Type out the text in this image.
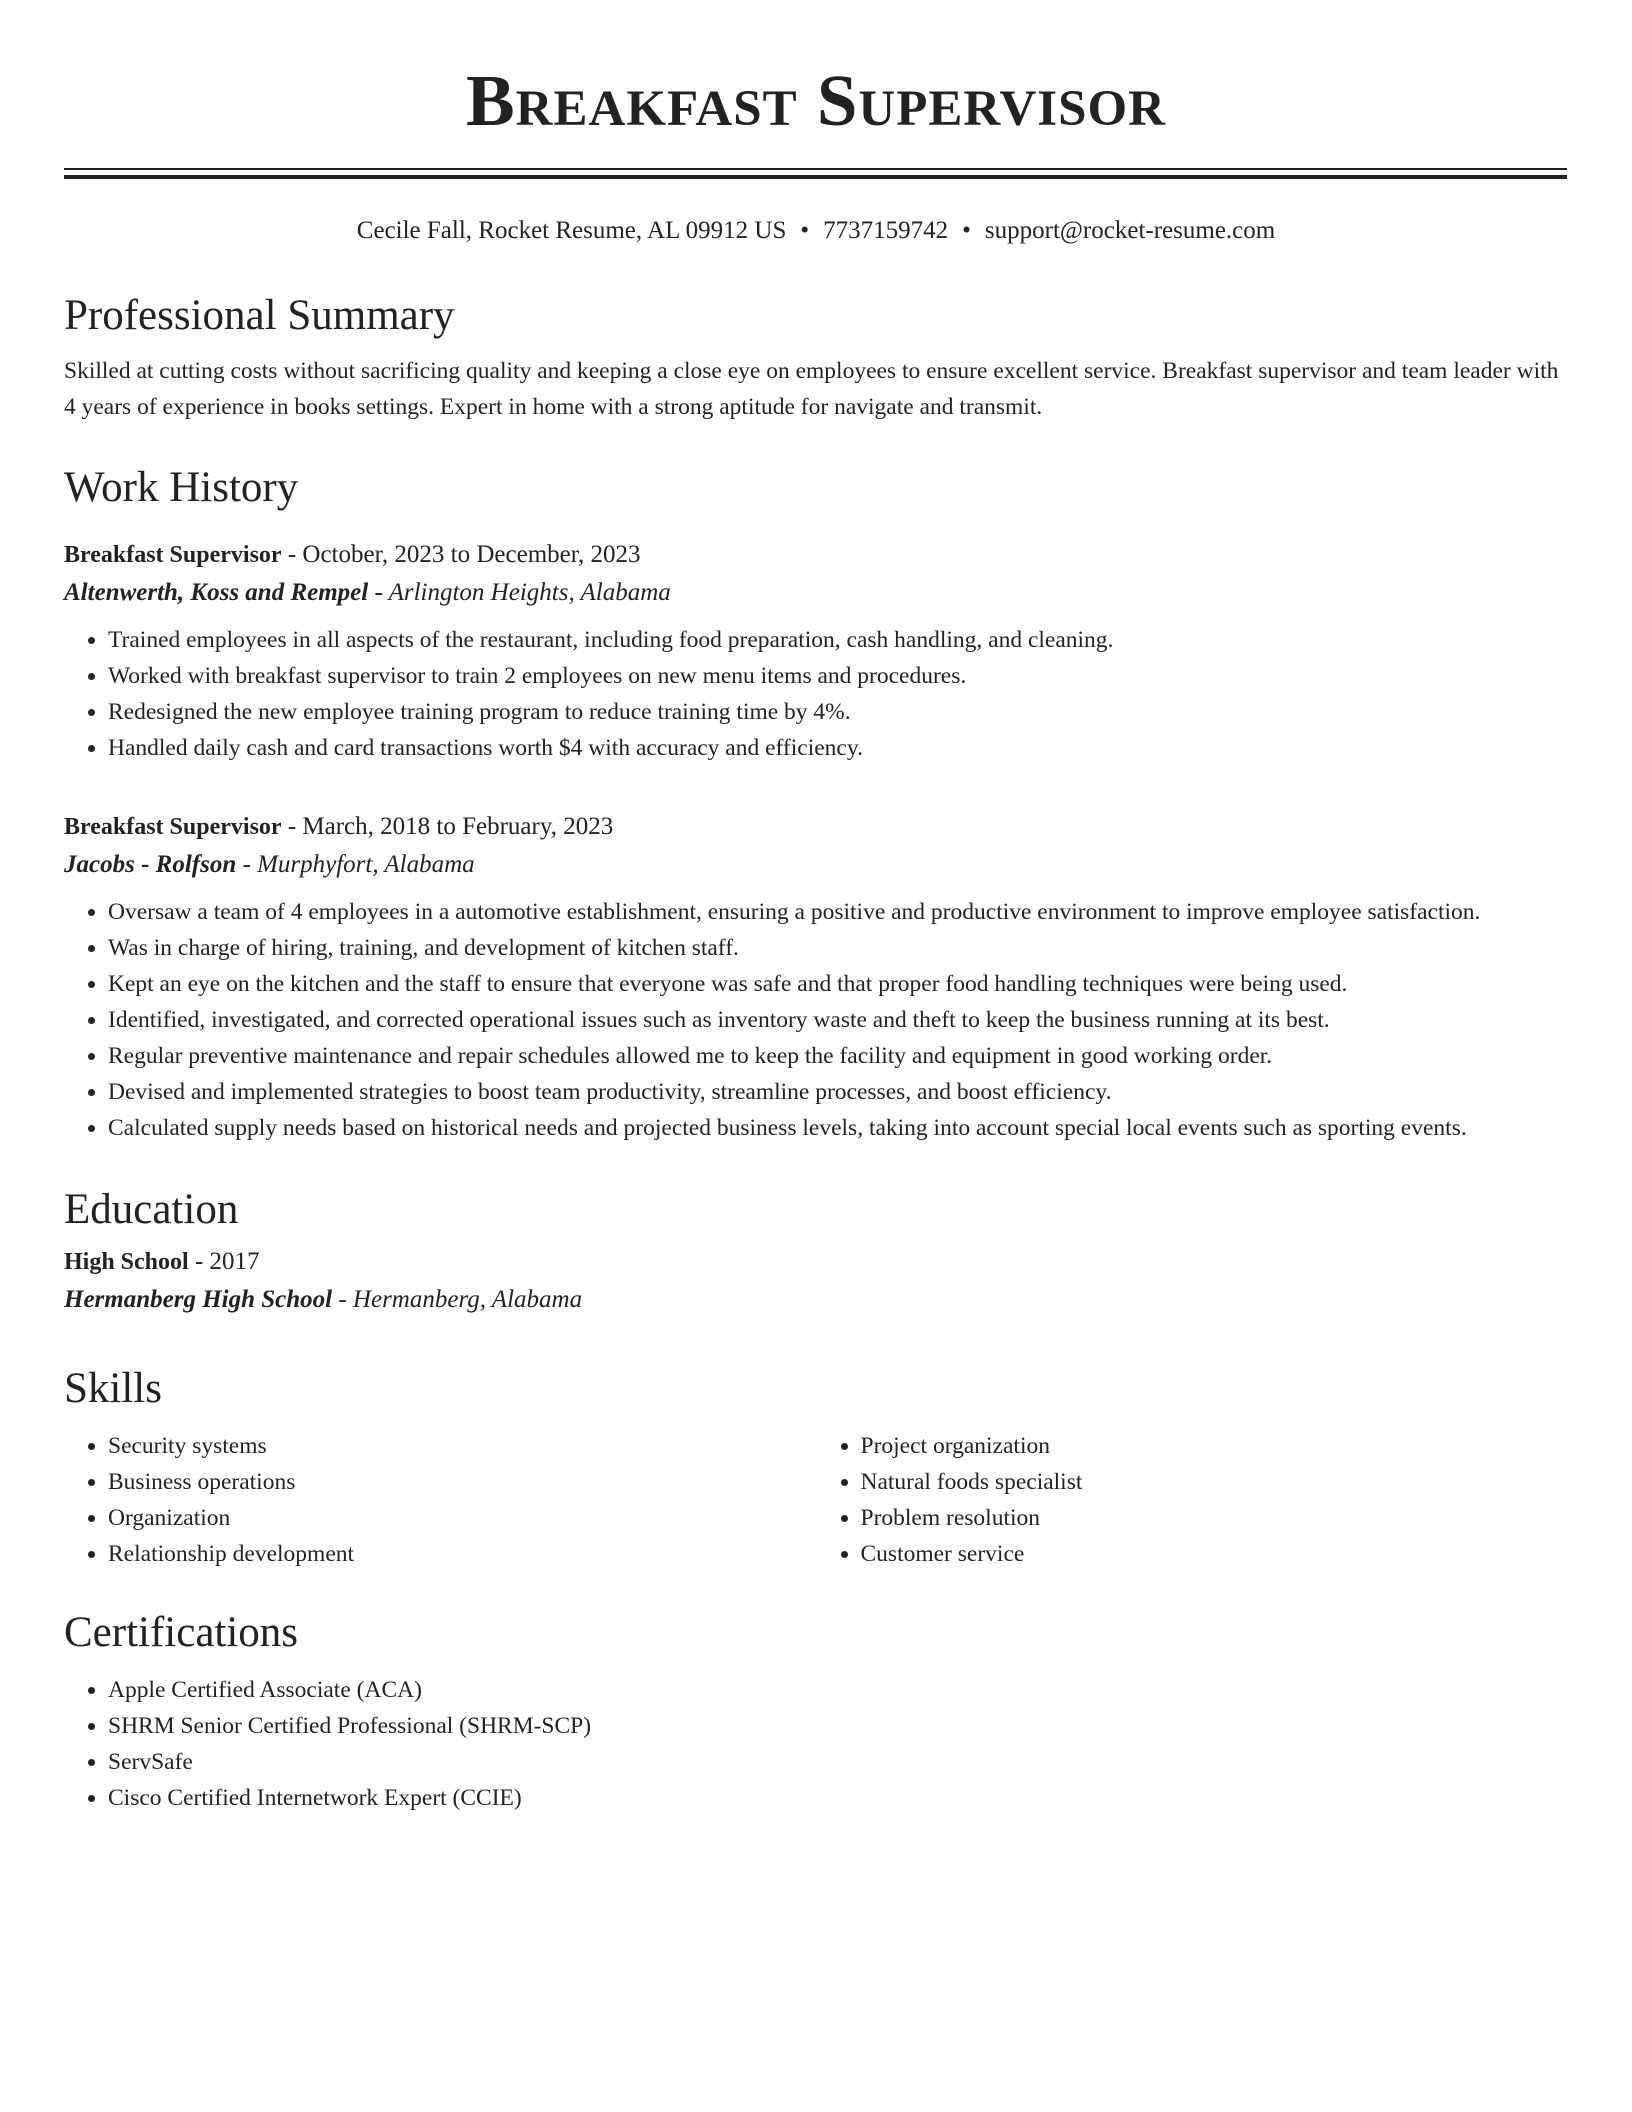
Breakfast Supervisor
Cecile Fall, Rocket Resume, AL 09912 US • 7737159742 • support@rocket-resume.com
Professional Summary

Skilled at cutting costs without sacrificing quality and keeping a close eye on employees to ensure excellent service. Breakfast supervisor and team leader with 4 years of experience in books settings. Expert in home with a strong aptitude for navigate and transmit.

Work History

Breakfast Supervisor - October, 2023 to December, 2023

Altenwerth, Koss and Rempel - Arlington Heights, Alabama

• Trained employees in all aspects of the restaurant, including food preparation, cash handling, and cleaning.
• Worked with breakfast supervisor to train 2 employees on new menu items and procedures.
• Redesigned the new employee training program to reduce training time by 4%.
• Handled daily cash and card transactions worth $4 with accuracy and efficiency.

Breakfast Supervisor - March, 2018 to February, 2023

Jacobs - Rolfson - Murphyfort, Alabama

• Oversaw a team of 4 employees in a automotive establishment, ensuring a positive and productive environment to improve employee satisfaction.
• Was in charge of hiring, training, and development of kitchen staff.
• Kept an eye on the kitchen and the staff to ensure that everyone was safe and that proper food handling techniques were being used.
• Identified, investigated, and corrected operational issues such as inventory waste and theft to keep the business running at its best.
• Regular preventive maintenance and repair schedules allowed me to keep the facility and equipment in good working order.
• Devised and implemented strategies to boost team productivity, streamline processes, and boost efficiency.
• Calculated supply needs based on historical needs and projected business levels, taking into account special local events such as sporting events.
Education

High School - 2017

Hermanberg High School - Hermanberg, Alabama

Skills
• Security systems
• Business operations
• Organization
• Relationship development
• Project organization
• Natural foods specialist
• Problem resolution
• Customer service
Certifications
• Apple Certified Associate (ACA)
• SHRM Senior Certified Professional (SHRM-SCP)
• ServSafe
• Cisco Certified Internetwork Expert (CCIE)
